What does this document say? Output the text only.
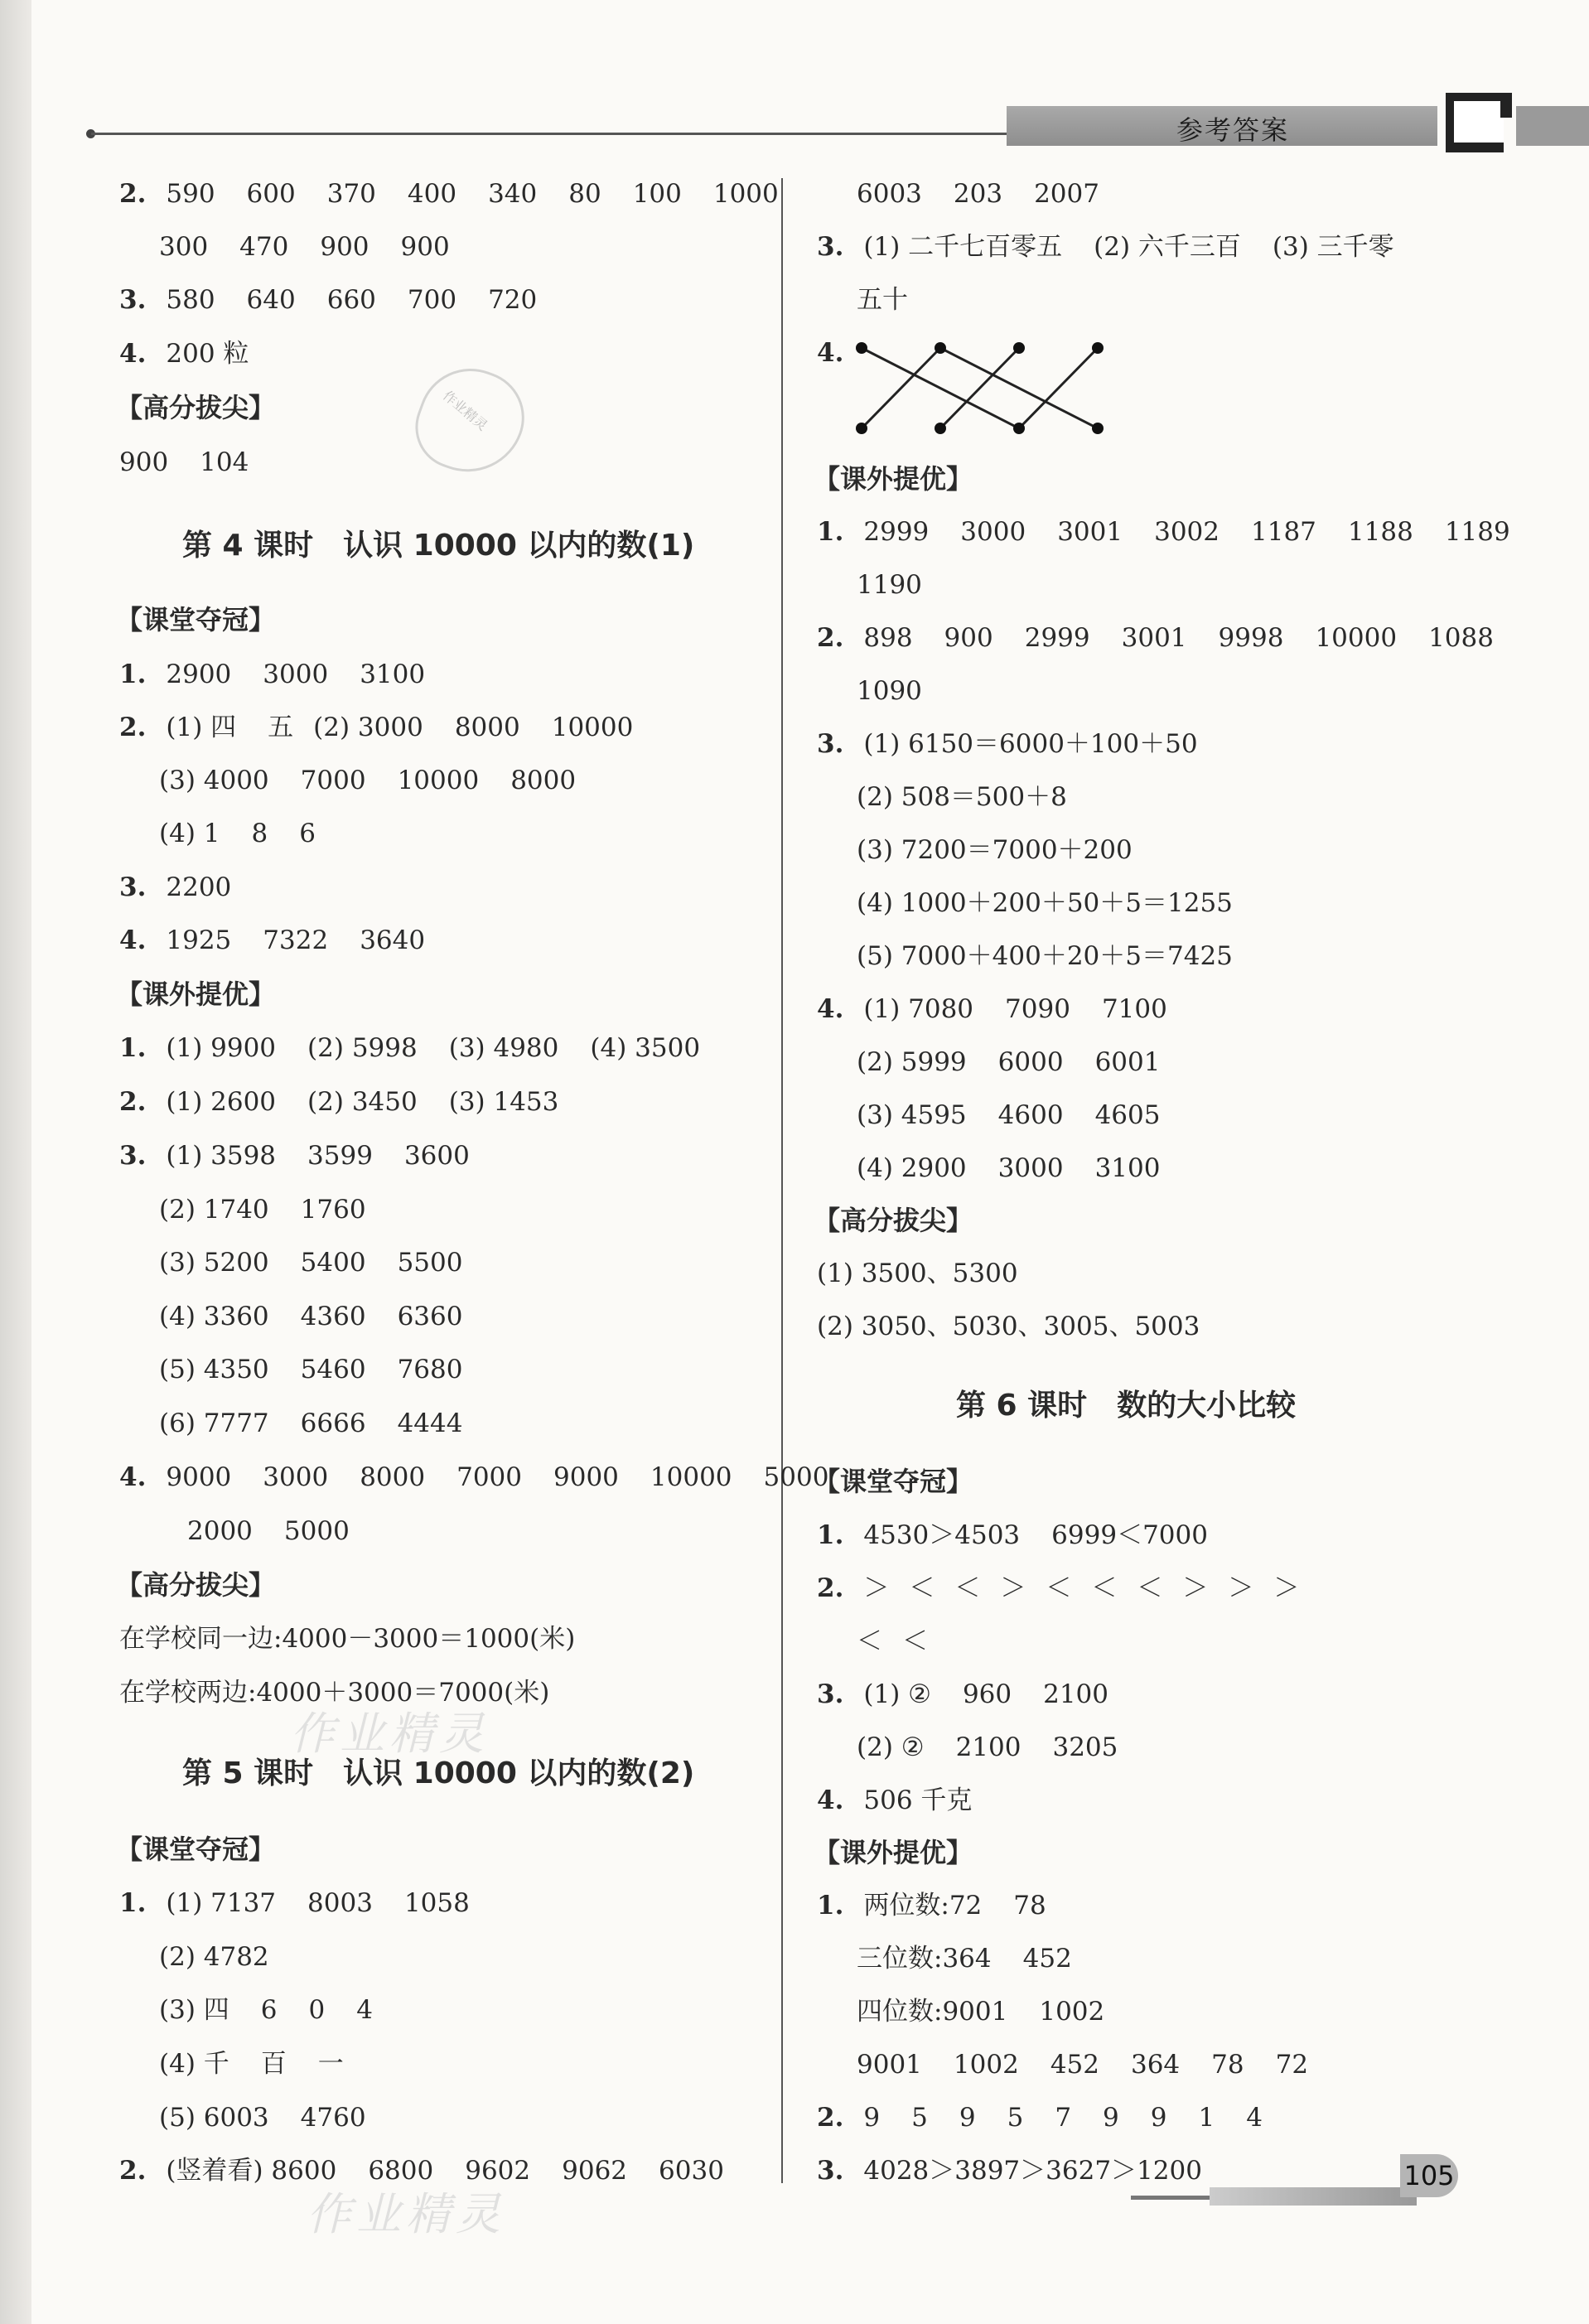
参考答案
作业精灵
2. 590 600 370 400 340 80 100 1000
300 470 900 900
3. 580 640 660 700 720
4. 200 粒
【高分拔尖】
900 104
第 4 课时　认识 10000 以内的数(1)
【课堂夺冠】
1. 2900 3000 3100
2. (1) 四 五 (2) 3000 8000 10000
(3) 4000 7000 10000 8000
(4) 1 8 6
3. 2200
4. 1925 7322 3640
【课外提优】
1. (1) 9900 (2) 5998 (3) 4980 (4) 3500
2. (1) 2600 (2) 3450 (3) 1453
3. (1) 3598 3599 3600
(2) 1740 1760
(3) 5200 5400 5500
(4) 3360 4360 6360
(5) 4350 5460 7680
(6) 7777 6666 4444
4. 9000 3000 8000 7000 9000 10000 5000
2000 5000
【高分拔尖】
在学校同一边:4000－3000＝1000(米)
在学校两边:4000＋3000＝7000(米)
第 5 课时　认识 10000 以内的数(2)
【课堂夺冠】
1. (1) 7137 8003 1058
(2) 4782
(3) 四 6 0 4
(4) 千 百 一
(5) 6003 4760
2. (竖着看) 8600 6800 9602 9062 6030
6003 203 2007
3. (1) 二千七百零五 (2) 六千三百 (3) 三千零
五十
4.
【课外提优】
1. 2999 3000 3001 3002 1187 1188 1189
1190
2. 898 900 2999 3001 9998 10000 1088
1090
3. (1) 6150＝6000＋100＋50
(2) 508＝500＋8
(3) 7200＝7000＋200
(4) 1000＋200＋50＋5＝1255
(5) 7000＋400＋20＋5＝7425
4. (1) 7080 7090 7100
(2) 5999 6000 6001
(3) 4595 4600 4605
(4) 2900 3000 3100
【高分拔尖】
(1) 3500、5300
(2) 3050、5030、3005、5003
第 6 课时　数的大小比较
【课堂夺冠】
1. 4530＞4503 6999＜7000
2. ＞ ＜ ＜ ＞ ＜ ＜ ＜ ＞ ＞ ＞
＜ ＜
3. (1) ② 960 2100
(2) ② 2100 3205
4. 506 千克
【课外提优】
1. 两位数:72 78
三位数:364 452
四位数:9001 1002
9001 1002 452 364 78 72
2. 9 5 9 5 7 9 9 1 4
3. 4028＞3897＞3627＞1200
作业精灵
作业精灵
105
